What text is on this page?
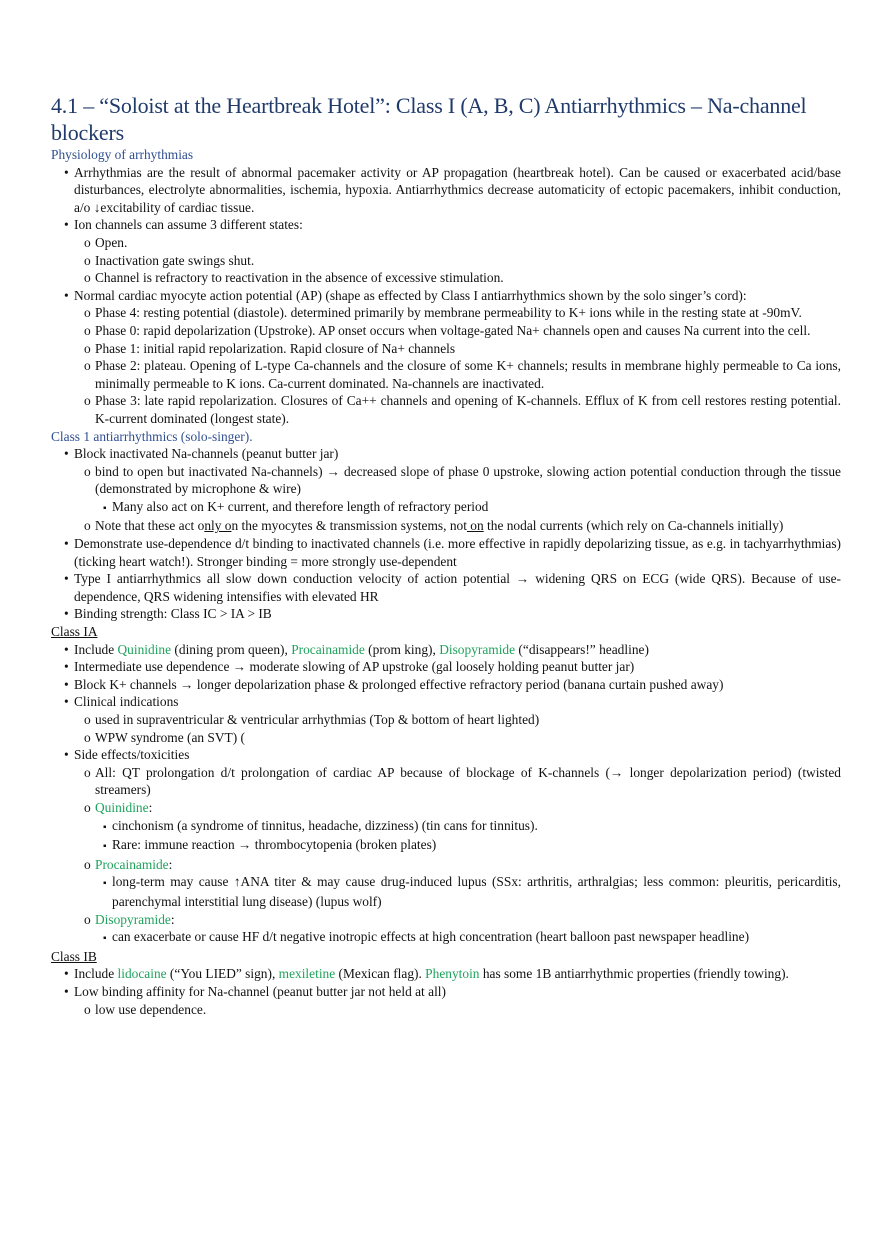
4.1 – “Soloist at the Heartbreak Hotel”: Class I (A, B, C) Antiarrhythmics – Na-channel blockers
Physiology of arrhythmias
• Arrhythmias are the result of abnormal pacemaker activity or AP propagation (heartbreak hotel). Can be caused or exacerbated acid/base disturbances, electrolyte abnormalities, ischemia, hypoxia. Antiarrhythmics decrease automaticity of ectopic pacemakers, inhibit conduction, a/o ↓excitability of cardiac tissue.
• Ion channels can assume 3 different states:
o Open.
o Inactivation gate swings shut.
o Channel is refractory to reactivation in the absence of excessive stimulation.
• Normal cardiac myocyte action potential (AP) (shape as effected by Class I antiarrhythmics shown by the solo singer’s cord):
o Phase 4: resting potential (diastole). determined primarily by membrane permeability to K+ ions while in the resting state at -90mV.
o Phase 0: rapid depolarization (Upstroke). AP onset occurs when voltage-gated Na+ channels open and causes Na current into the cell.
o Phase 1: initial rapid repolarization. Rapid closure of Na+ channels
o Phase 2: plateau. Opening of L-type Ca-channels and the closure of some K+ channels; results in membrane highly permeable to Ca ions, minimally permeable to K ions. Ca-current dominated. Na-channels are inactivated.
o Phase 3: late rapid repolarization. Closures of Ca++ channels and opening of K-channels. Efflux of K from cell restores resting potential. K-current dominated (longest state).
Class 1 antiarrhythmics (solo-singer).
• Block inactivated Na-channels (peanut butter jar)
o bind to open but inactivated Na-channels) → decreased slope of phase 0 upstroke, slowing action potential conduction through the tissue (demonstrated by microphone & wire)
▪ Many also act on K+ current, and therefore length of refractory period
o Note that these act only on the myocytes & transmission systems, not on the nodal currents (which rely on Ca-channels initially)
• Demonstrate use-dependence d/t binding to inactivated channels (i.e. more effective in rapidly depolarizing tissue, as e.g. in tachyarrhythmias) (ticking heart watch!). Stronger binding = more strongly use-dependent
• Type I antiarrhythmics all slow down conduction velocity of action potential → widening QRS on ECG (wide QRS). Because of use-dependence, QRS widening intensifies with elevated HR
• Binding strength: Class IC > IA > IB
Class IA
• Include Quinidine (dining prom queen), Procainamide (prom king), Disopyramide (“disappears!” headline)
• Intermediate use dependence → moderate slowing of AP upstroke (gal loosely holding peanut butter jar)
• Block K+ channels → longer depolarization phase & prolonged effective refractory period (banana curtain pushed away)
• Clinical indications
o used in supraventricular & ventricular arrhythmias (Top & bottom of heart lighted)
o WPW syndrome (an SVT) (
• Side effects/toxicities
o All: QT prolongation d/t prolongation of cardiac AP because of blockage of K-channels (→ longer depolarization period) (twisted streamers)
o Quinidine:
▪ cinchonism (a syndrome of tinnitus, headache, dizziness) (tin cans for tinnitus).
▪ Rare: immune reaction → thrombocytopenia (broken plates)
o Procainamide:
▪ long-term may cause ↑ANA titer & may cause drug-induced lupus (SSx: arthritis, arthralgias; less common: pleuritis, pericarditis, parenchymal interstitial lung disease) (lupus wolf)
o Disopyramide:
▪ can exacerbate or cause HF d/t negative inotropic effects at high concentration (heart balloon past newspaper headline)
Class IB
• Include lidocaine (“You LIED” sign), mexiletine (Mexican flag). Phenytoin has some 1B antiarrhythmic properties (friendly towing).
• Low binding affinity for Na-channel (peanut butter jar not held at all)
o low use dependence.
